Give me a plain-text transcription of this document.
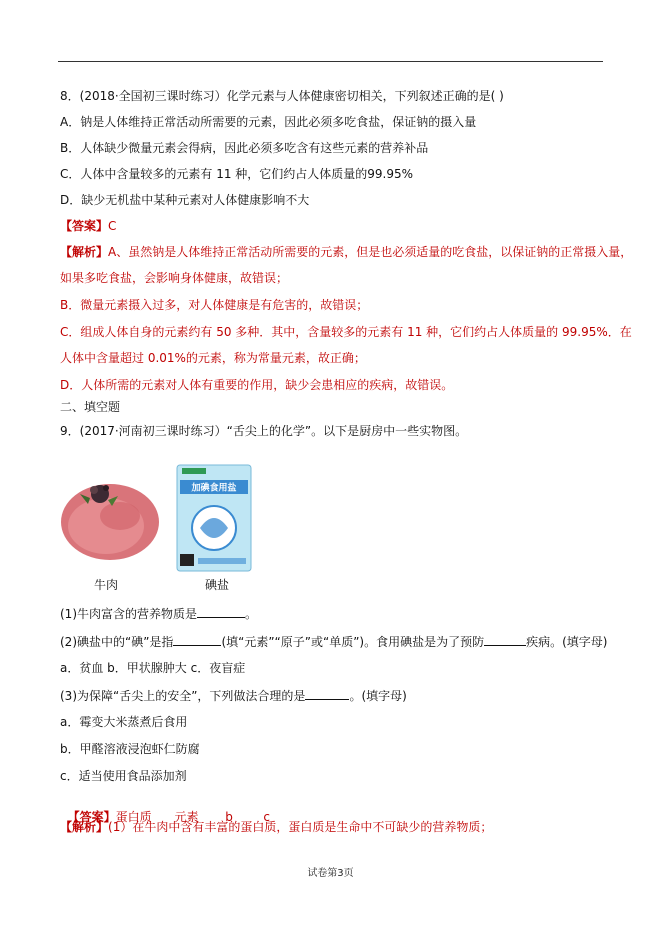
8．(2018·全国初三课时练习）化学元素与人体健康密切相关，下列叙述正确的是( )
A．钠是人体维持正常活动所需要的元素，因此必须多吃食盐，保证钠的摄入量
B．人体缺少微量元素会得病，因此必须多吃含有这些元素的营养补品
C．人体中含量较多的元素有 11 种，它们约占人体质量的99.95%
D．缺少无机盐中某种元素对人体健康影响不大
【答案】C
【解析】A、虽然钠是人体维持正常活动所需要的元素，但是也必须适量的吃食盐，以保证钠的正常摄入量，
如果多吃食盐，会影响身体健康，故错误；
B．微量元素摄入过多，对人体健康是有危害的，故错误；
C．组成人体自身的元素约有 50 多种．其中，含量较多的元素有 11 种，它们约占人体质量的 99.95%．在
人体中含量超过 0.01%的元素，称为常量元素，故正确；
D．人体所需的元素对人体有重要的作用，缺少会患相应的疾病，故错误。
二、填空题
9．(2017·河南初三课时练习）“舌尖上的化学”。以下是厨房中一些实物图。
加碘食用盐
牛肉	碘盐
(1)牛肉富含的营养物质是	。
(2)碘盐中的“碘”是指	(填“元素”“原子”或“单质”)。食用碘盐是为了预防	疾病。(填字母)
a．贫血 b．甲状腺肿大 c．夜盲症
(3)为保障“舌尖上的安全”，下列做法合理的是	。(填字母)
a．霉变大米蒸煮后食用
b．甲醛溶液浸泡虾仁防腐
c．适当使用食品添加剂

【答案】蛋白质      元素       b        c

【解析】(1）在牛肉中含有丰富的蛋白质，蛋白质是生命中不可缺少的营养物质；
试卷第3页
